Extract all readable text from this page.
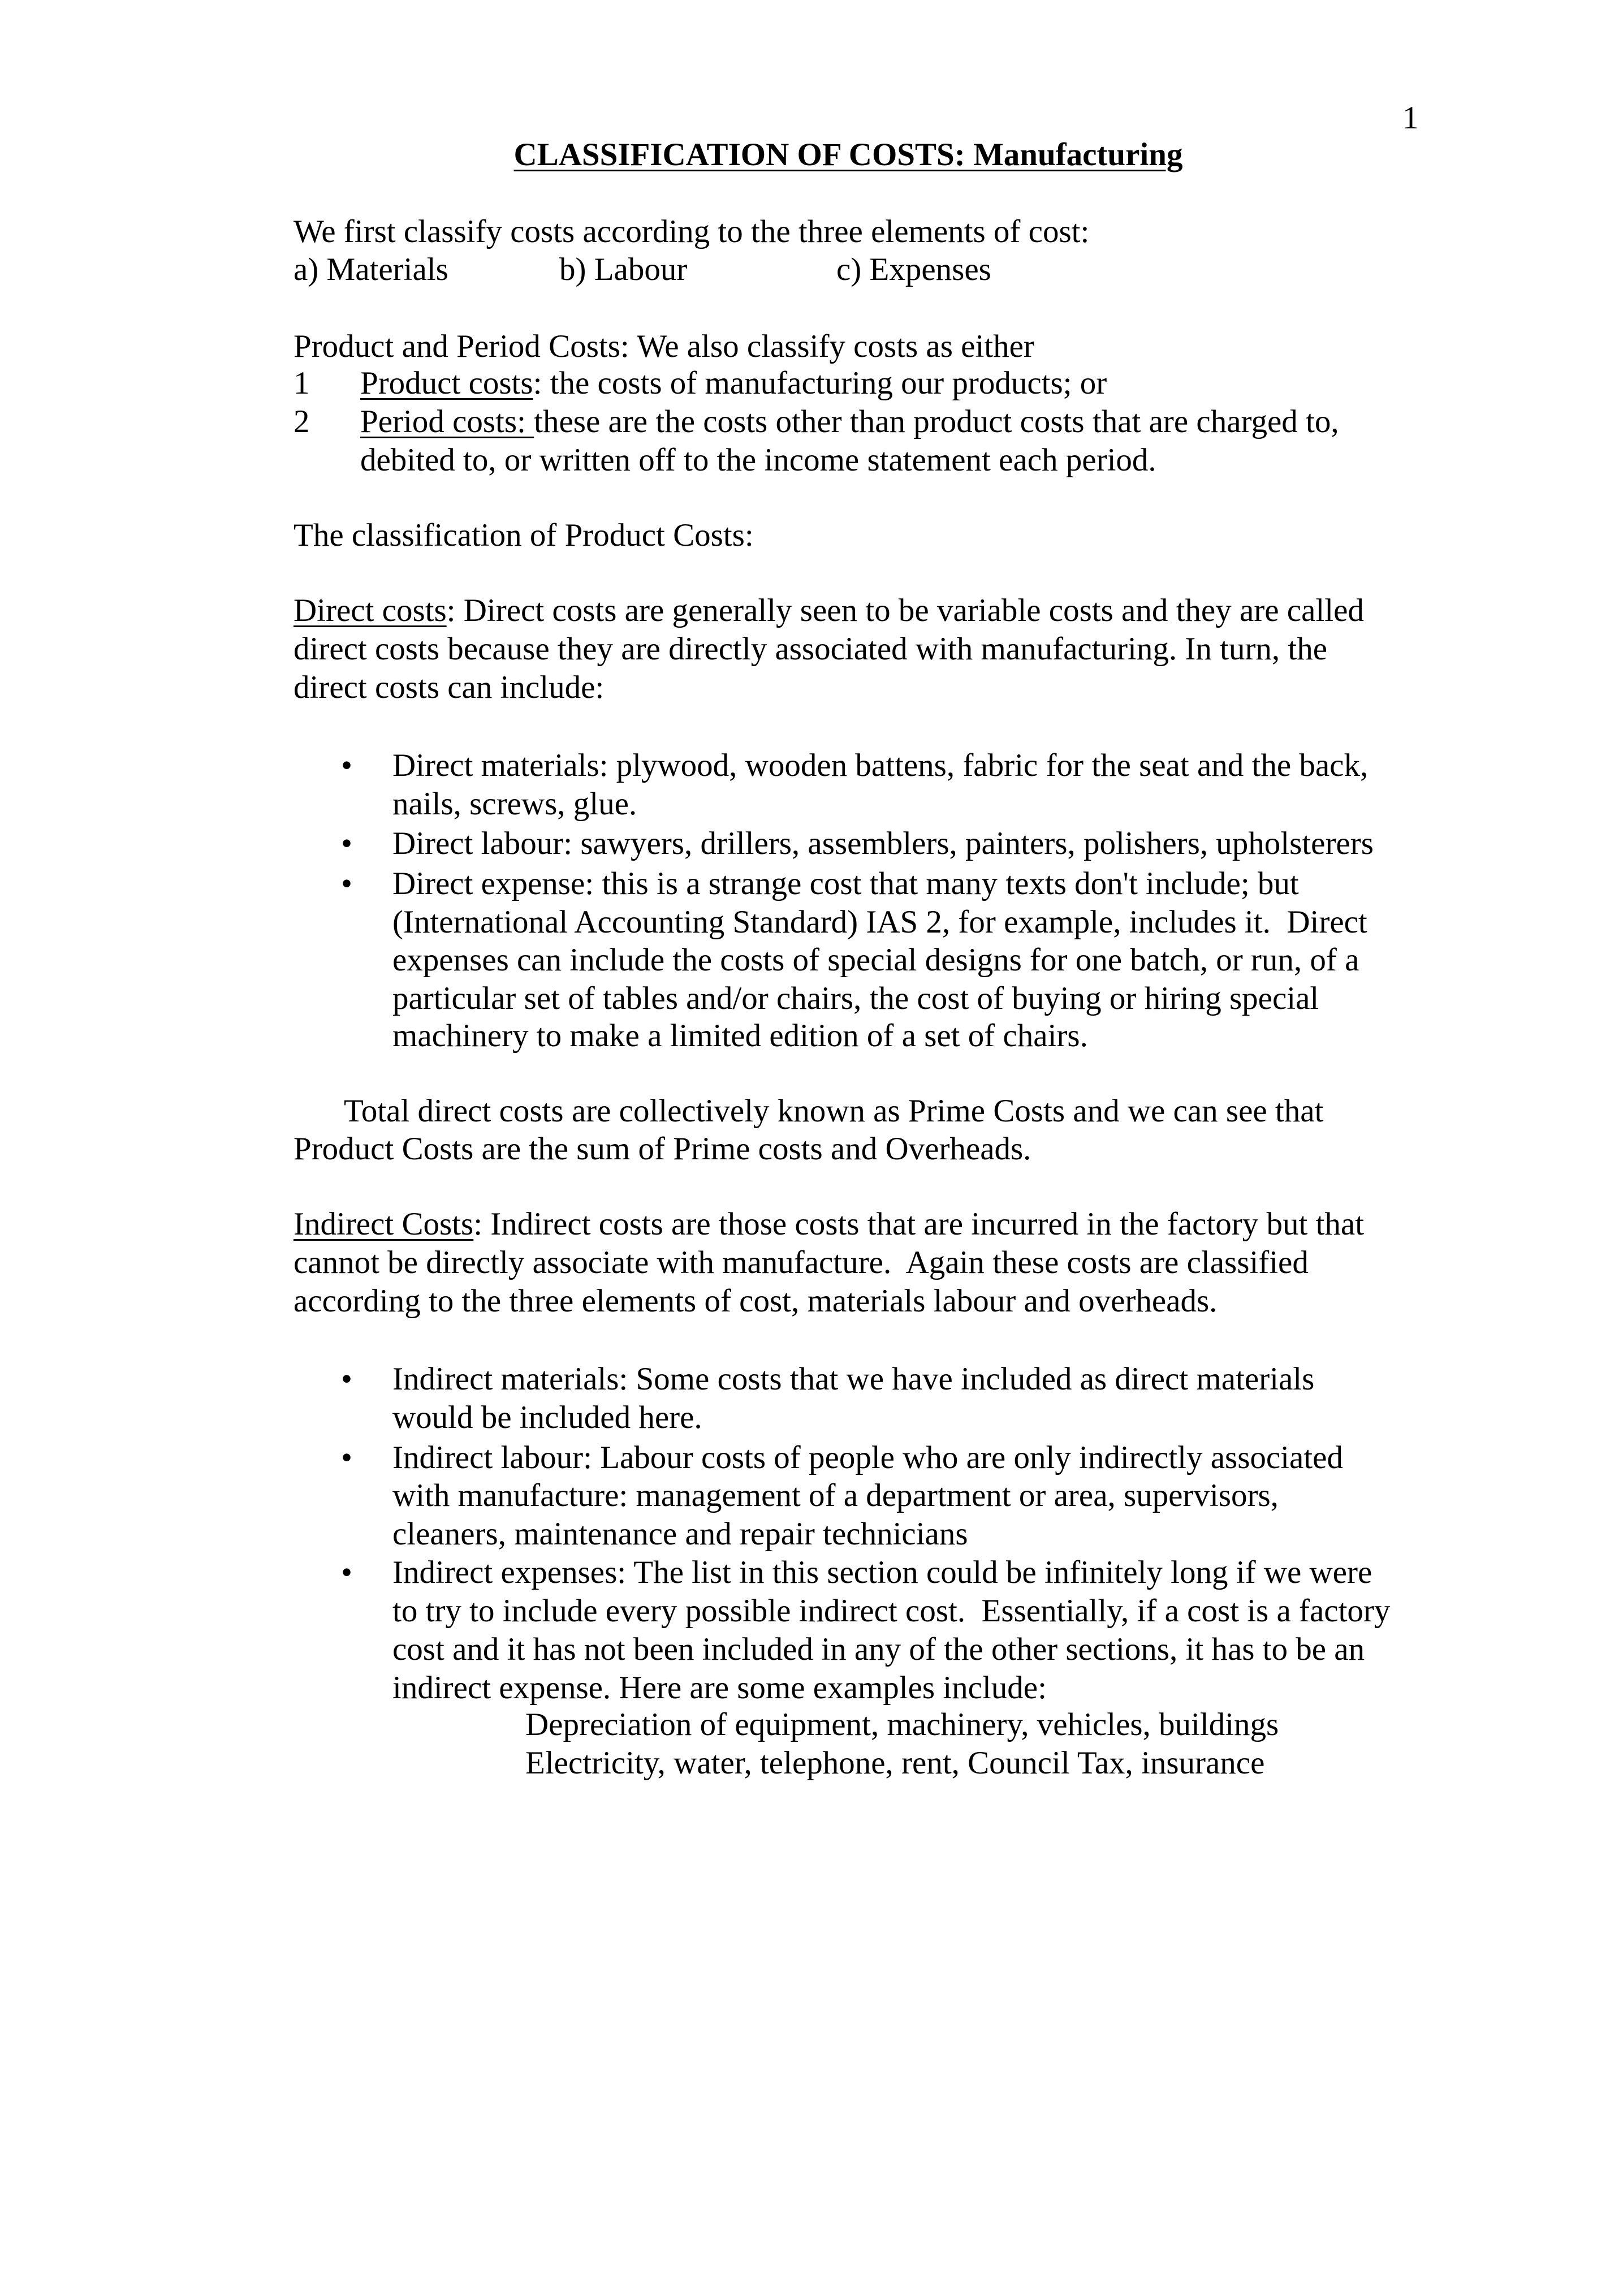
1
CLASSIFICATION OF COSTS: Manufacturing
We first classify costs according to the three elements of cost:
a) Materials	b) Labour	c) Expenses
Product and Period Costs: We also classify costs as either
1 Product costs: the costs of manufacturing our products; or
2 Period costs: these are the costs other than product costs that are charged to,
debited to, or written off to the income statement each period.
The classification of Product Costs:
Direct costs: Direct costs are generally seen to be variable costs and they are called
direct costs because they are directly associated with manufacturing. In turn, the
direct costs can include:
• Direct materials: plywood, wooden battens, fabric for the seat and the back,
nails, screws, glue.
• Direct labour: sawyers, drillers, assemblers, painters, polishers, upholsterers
• Direct expense: this is a strange cost that many texts don't include; but
(International Accounting Standard) IAS 2, for example, includes it.  Direct
expenses can include the costs of special designs for one batch, or run, of a
particular set of tables and/or chairs, the cost of buying or hiring special
machinery to make a limited edition of a set of chairs.
Total direct costs are collectively known as Prime Costs and we can see that
Product Costs are the sum of Prime costs and Overheads.
Indirect Costs: Indirect costs are those costs that are incurred in the factory but that
cannot be directly associate with manufacture.  Again these costs are classified
according to the three elements of cost, materials labour and overheads.
• Indirect materials: Some costs that we have included as direct materials
would be included here.
• Indirect labour: Labour costs of people who are only indirectly associated
with manufacture: management of a department or area, supervisors,
cleaners, maintenance and repair technicians
• Indirect expenses: The list in this section could be infinitely long if we were
to try to include every possible indirect cost.  Essentially, if a cost is a factory
cost and it has not been included in any of the other sections, it has to be an
indirect expense. Here are some examples include:
Depreciation of equipment, machinery, vehicles, buildings
Electricity, water, telephone, rent, Council Tax, insurance
